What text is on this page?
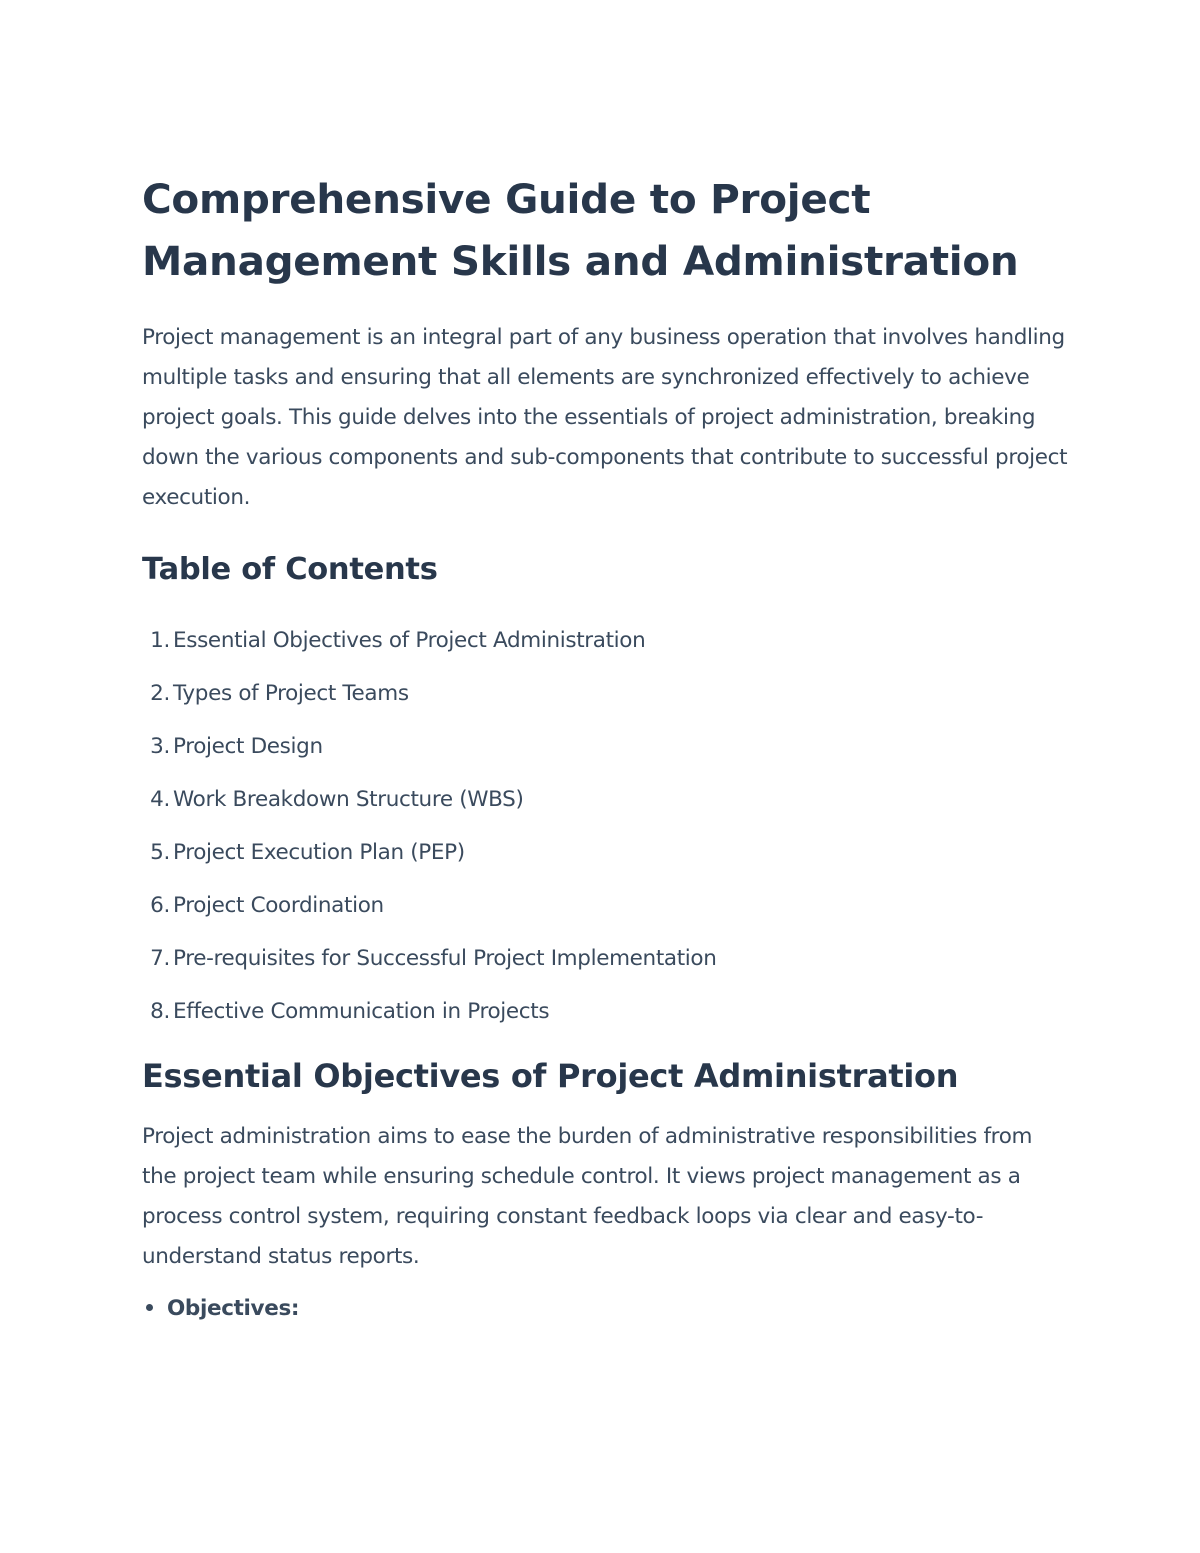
Comprehensive Guide to Project Management Skills and Administration

Project management is an integral part of any business operation that involves handling multiple tasks and ensuring that all elements are synchronized effectively to achieve project goals. This guide delves into the essentials of project administration, breaking down the various components and sub-components that contribute to successful project execution.

Table of Contents
1. Essential Objectives of Project Administration
2. Types of Project Teams
3. Project Design
4. Work Breakdown Structure (WBS)
5. Project Execution Plan (PEP)
6. Project Coordination
7. Pre-requisites for Successful Project Implementation
8. Effective Communication in Projects
Essential Objectives of Project Administration

Project administration aims to ease the burden of administrative responsibilities from the project team while ensuring schedule control. It views project management as a process control system, requiring constant feedback loops via clear and easy-to-understand status reports.

Objectives:
